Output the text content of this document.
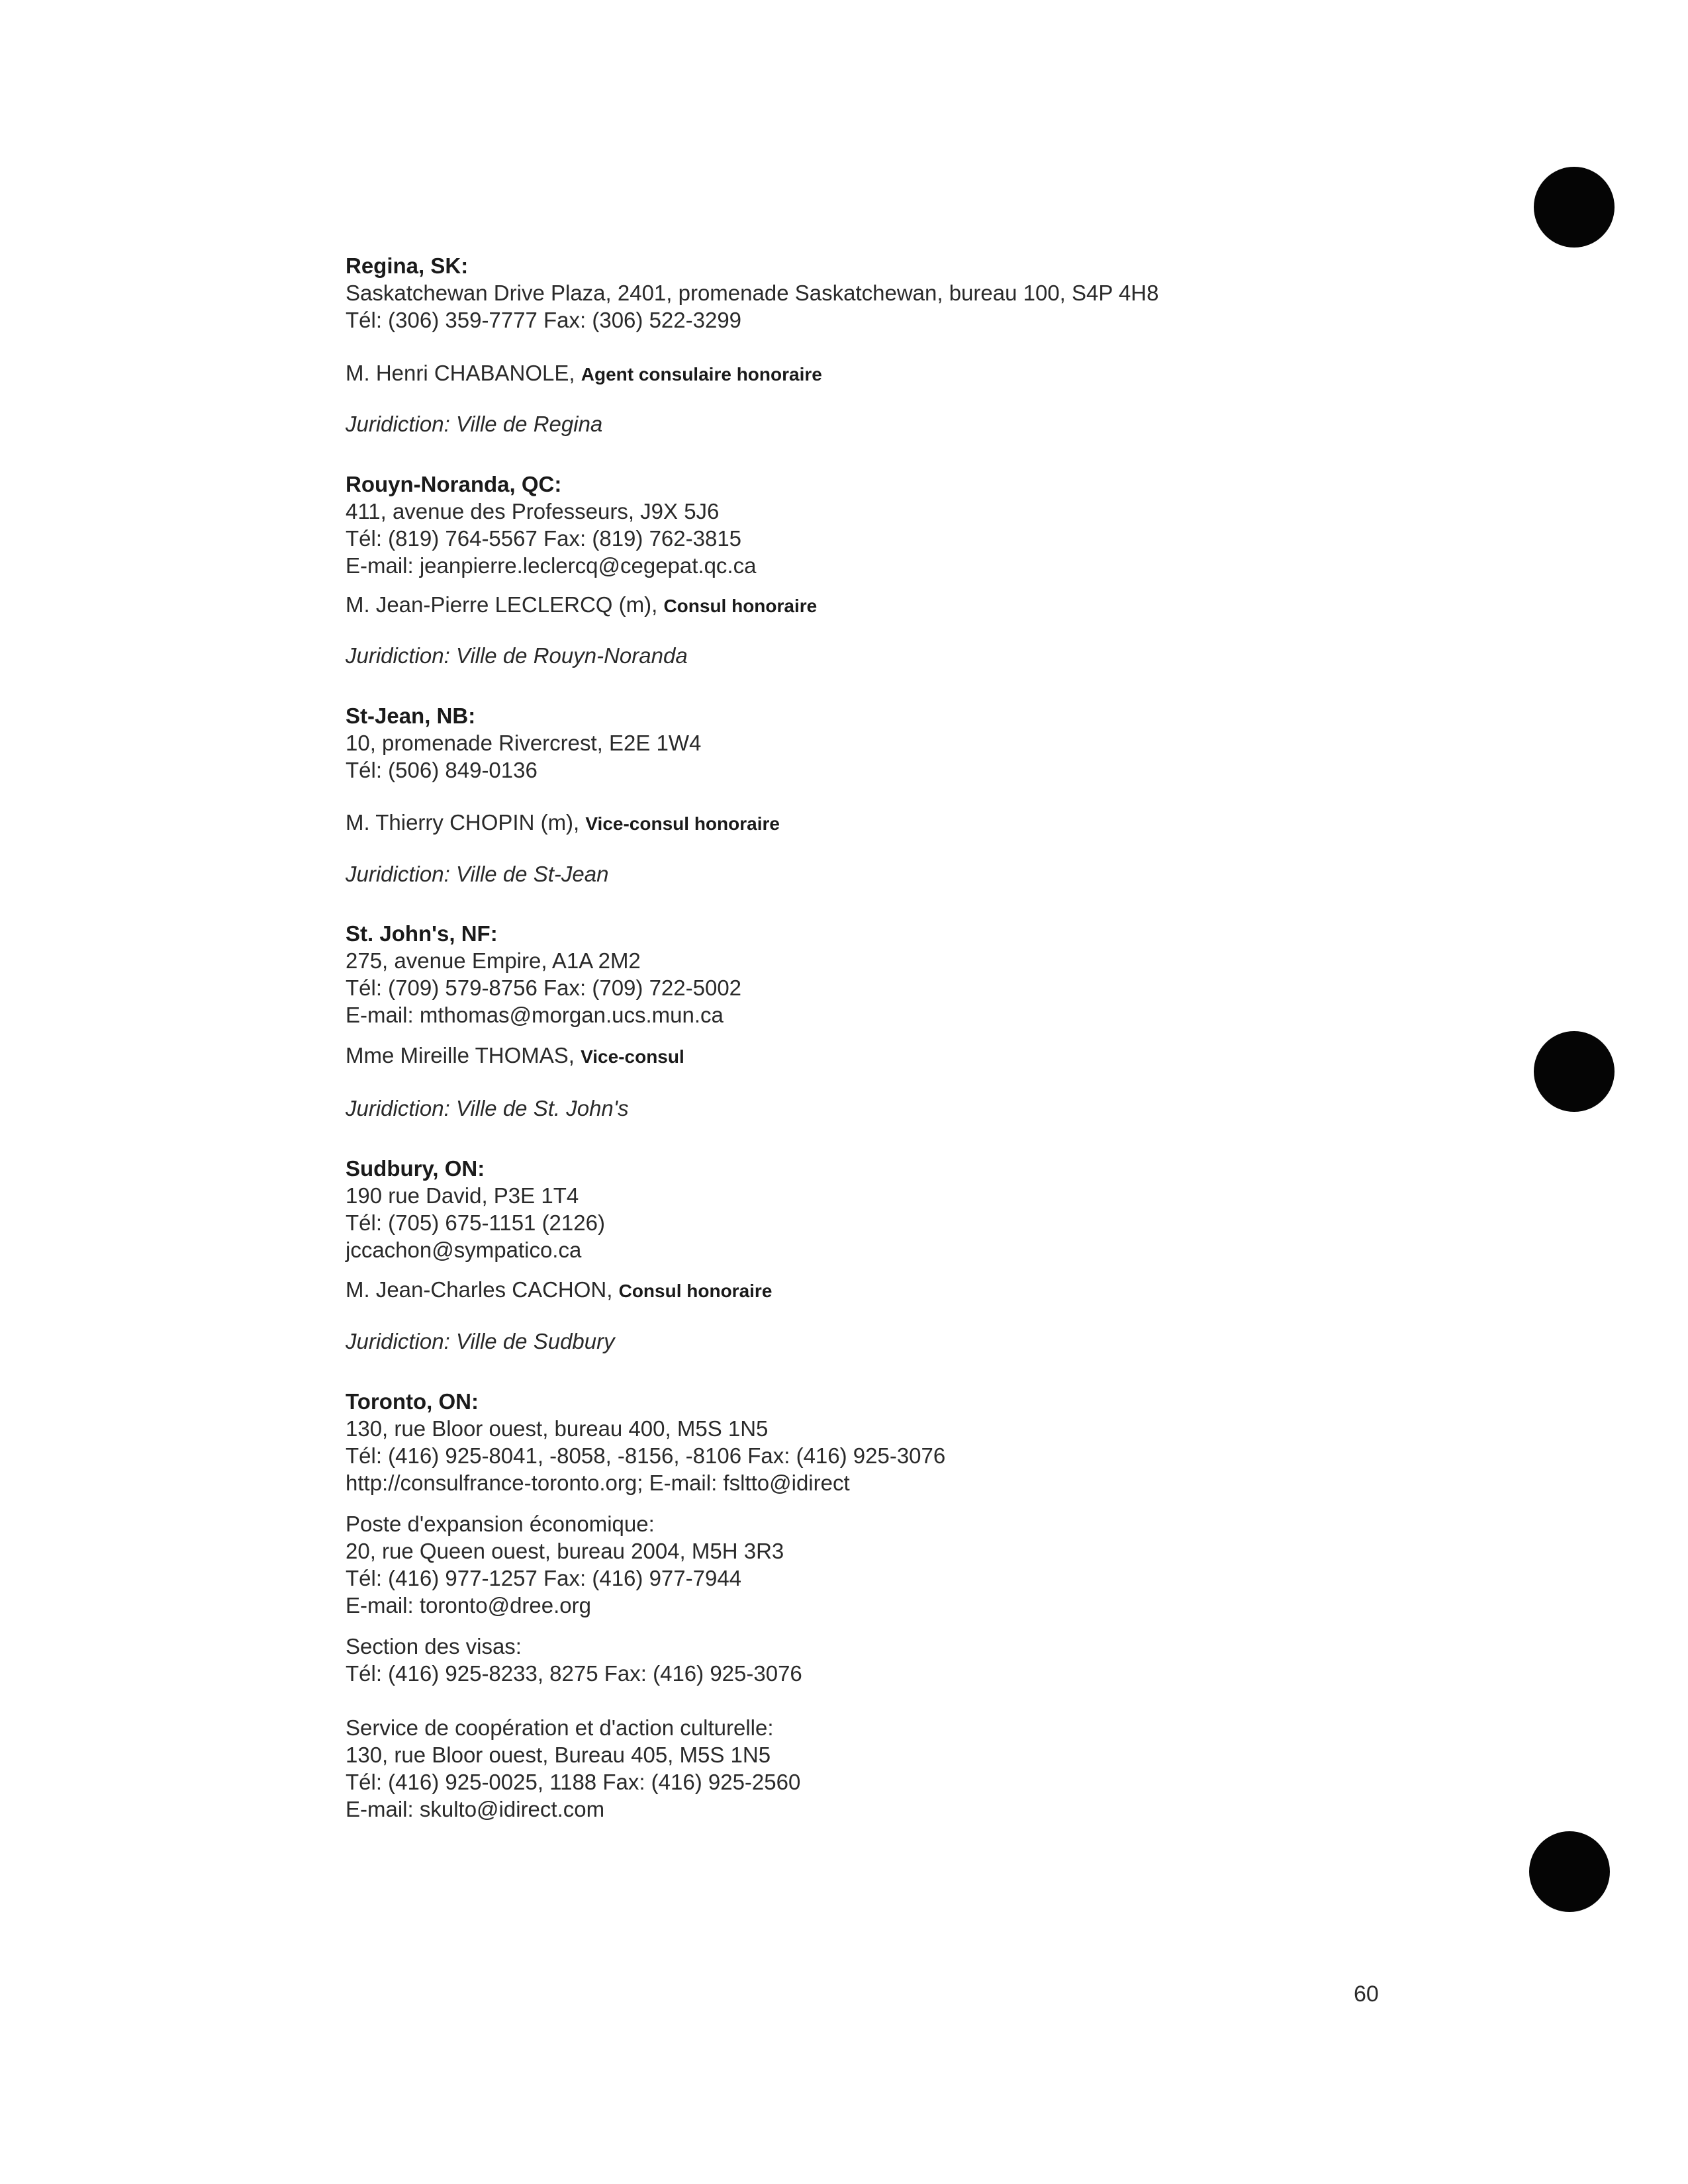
Regina, SK:
Saskatchewan Drive Plaza, 2401, promenade Saskatchewan, bureau 100, S4P 4H8
Tél: (306) 359-7777 Fax: (306) 522-3299
M. Henri CHABANOLE, Agent consulaire honoraire
Juridiction: Ville de Regina
Rouyn-Noranda, QC:
411, avenue des Professeurs, J9X 5J6
Tél: (819) 764-5567 Fax: (819) 762-3815
E-mail: jeanpierre.leclercq@cegepat.qc.ca
M. Jean-Pierre LECLERCQ (m), Consul honoraire
Juridiction: Ville de Rouyn-Noranda
St-Jean, NB:
10, promenade Rivercrest, E2E 1W4
Tél: (506) 849-0136
M. Thierry CHOPIN (m), Vice-consul honoraire
Juridiction: Ville de St-Jean
St. John's, NF:
275, avenue Empire, A1A 2M2
Tél: (709) 579-8756 Fax: (709) 722-5002
E-mail: mthomas@morgan.ucs.mun.ca
Mme Mireille THOMAS, Vice-consul
Juridiction: Ville de St. John's
Sudbury, ON:
190 rue David, P3E 1T4
Tél: (705) 675-1151 (2126)
jccachon@sympatico.ca
M. Jean-Charles CACHON, Consul honoraire
Juridiction: Ville de Sudbury
Toronto, ON:
130, rue Bloor ouest, bureau 400, M5S 1N5
Tél: (416) 925-8041, -8058, -8156, -8106 Fax: (416) 925-3076
http://consulfrance-toronto.org; E-mail: fsltto@idirect
Poste d'expansion économique:
20, rue Queen ouest, bureau 2004, M5H 3R3
Tél: (416) 977-1257 Fax: (416) 977-7944
E-mail: toronto@dree.org
Section des visas:
Tél: (416) 925-8233, 8275 Fax: (416) 925-3076
Service de coopération et d'action culturelle:
130, rue Bloor ouest, Bureau 405, M5S 1N5
Tél: (416) 925-0025, 1188 Fax: (416) 925-2560
E-mail: skulto@idirect.com
60
